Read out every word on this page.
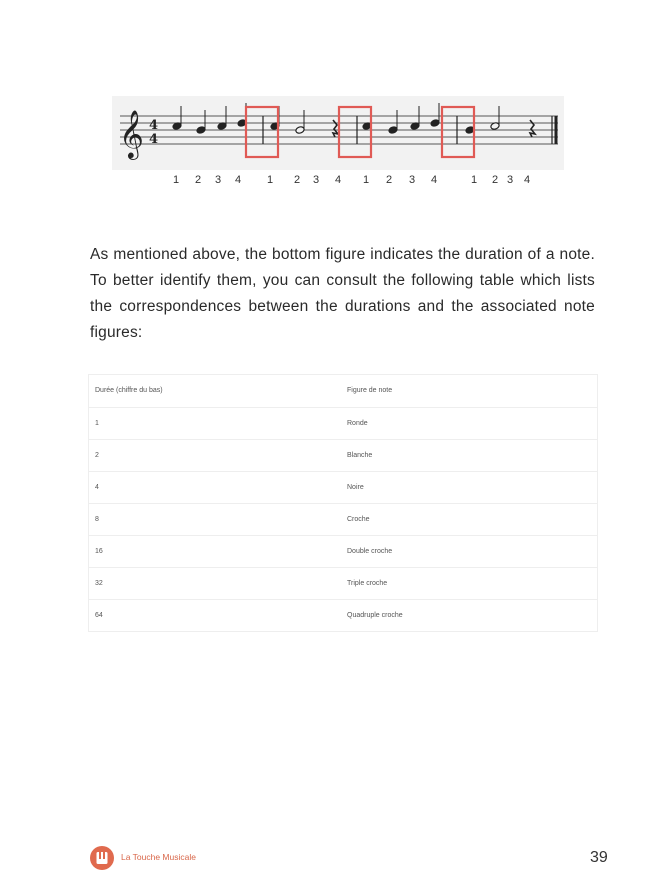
𝄞 4
4
1 2 3 4 1 2 3 4 1 2 3 4	1 2 3 4
As mentioned above, the bottom figure indicates the duration of a note. To better identify them, you can consult the following table which lists the correspondences between the durations and the associated note figures:
Durée (chiffre du bas)	Figure de note
1	Ronde
2	Blanche
4	Noire
8	Croche
16	Double croche
32	Triple croche
64	Quadruple croche
La Touche Musicale	39
